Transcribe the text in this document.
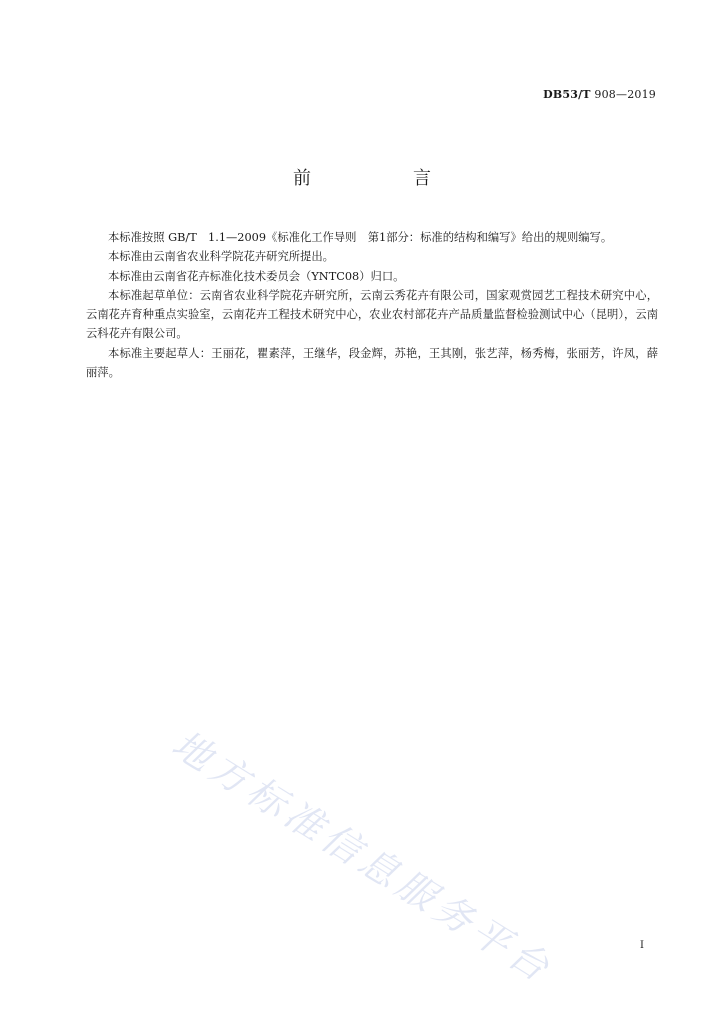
DB53/T 908—2019
前　言

本标准按照 GB/T　1.1—2009《标准化工作导则　第1部分：标准的结构和编写》给出的规则编写。

本标准由云南省农业科学院花卉研究所提出。

本标准由云南省花卉标准化技术委员会（YNTC08）归口。

本标准起草单位：云南省农业科学院花卉研究所，云南云秀花卉有限公司，国家观赏园艺工程技术研究中心，云南花卉育种重点实验室，云南花卉工程技术研究中心，农业农村部花卉产品质量监督检验测试中心（昆明），云南云科花卉有限公司。

本标准主要起草人：王丽花，瞿素萍，王继华，段金辉，苏艳，王其刚，张艺萍，杨秀梅，张丽芳，许凤，薛丽萍。

地方标准信息服务平台	I
